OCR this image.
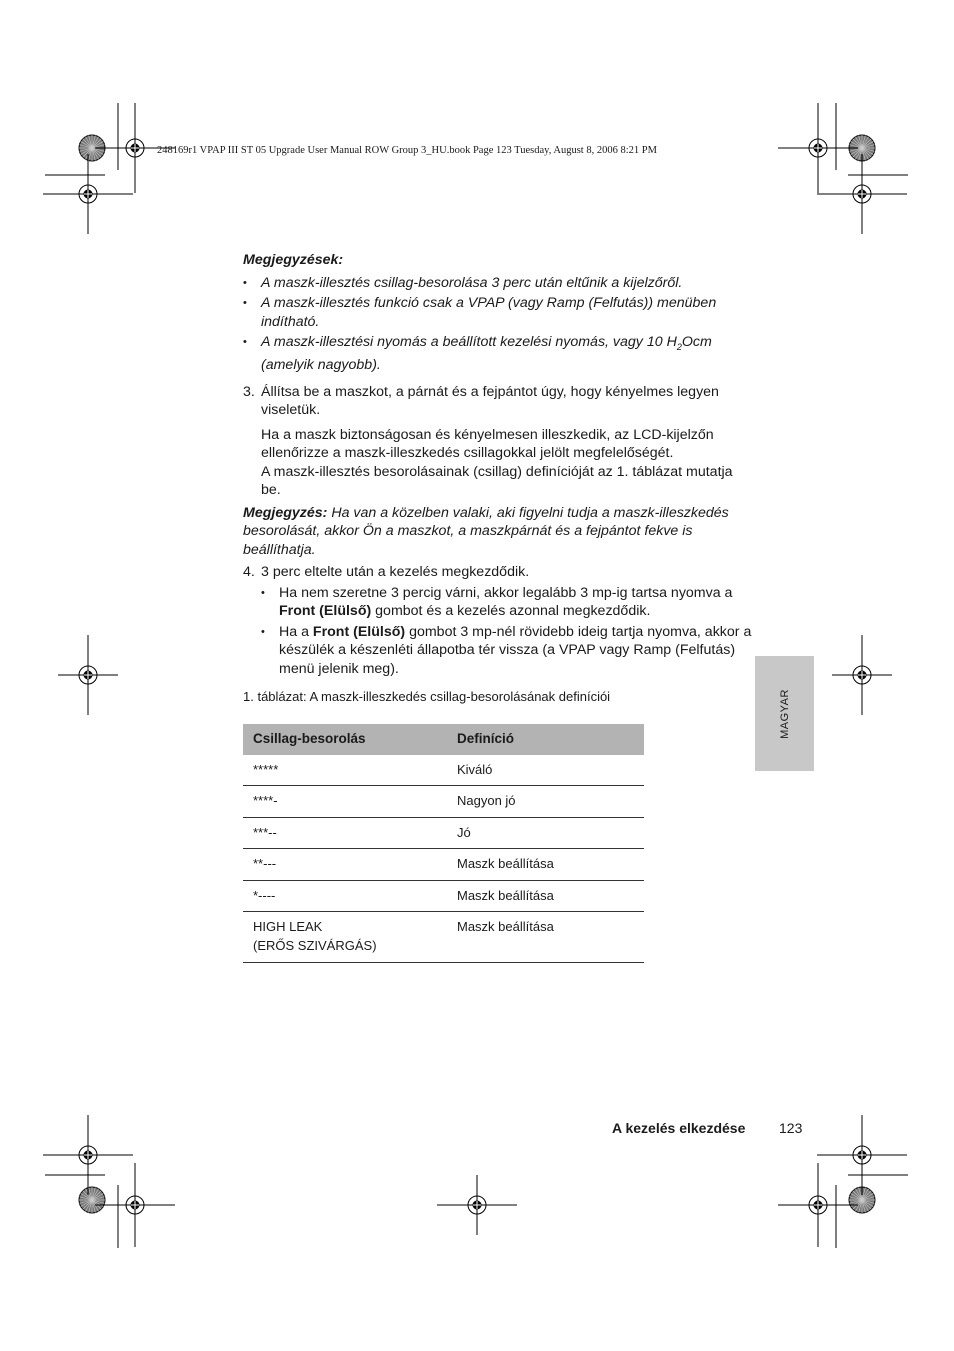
248169r1 VPAP III ST 05 Upgrade User Manual ROW Group 3_HU.book Page 123 Tuesday, August 8, 2006 8:21 PM
Megjegyzések:
• A maszk-illesztés csillag-besorolása 3 perc után eltűnik a kijelzőről.
• A maszk-illesztés funkció csak a VPAP (vagy Ramp (Felfutás)) menüben indítható.
• A maszk-illesztési nyomás a beállított kezelési nyomás, vagy 10 $H_2Ocm$ (amelyik nagyobb).
3. Állítsa be a maszkot, a párnát és a fejpántot úgy, hogy kényelmes legyen viseletük.
Ha a maszk biztonságosan és kényelmesen illeszkedik, az LCD-kijelzőn ellenőrizze a maszk-illeszkedés csillagokkal jelölt megfelelőségét.
A maszk-illesztés besorolásainak (csillag) definícióját az 1. táblázat mutatja be.
Megjegyzés: Ha van a közelben valaki, aki figyelni tudja a maszk-illeszkedés besorolását, akkor Ön a maszkot, a maszkpárnát és a fejpántot fekve is beállíthatja.
4. 3 perc eltelte után a kezelés megkezdődik.
• Ha nem szeretne 3 percig várni, akkor legalább 3 mp-ig tartsa nyomva a Front (Elülső) gombot és a kezelés azonnal megkezdődik.
• Ha a Front (Elülső) gombot 3 mp-nél rövidebb ideig tartja nyomva, akkor a készülék a készenléti állapotba tér vissza (a VPAP vagy Ramp (Felfutás) menü jelenik meg).
1. táblázat: A maszk-illeszkedés csillag-besorolásának definíciói
Csillag-besorolás	Definíció
*****	Kiváló
****-	Nagyon jó
***--	Jó
**---	Maszk beállítása
*----	Maszk beállítása

HIGH LEAK
(ERŐS SZIVÁRGÁS)	Maszk beállítása
MAGYAR
A kezelés elkezdése 123
